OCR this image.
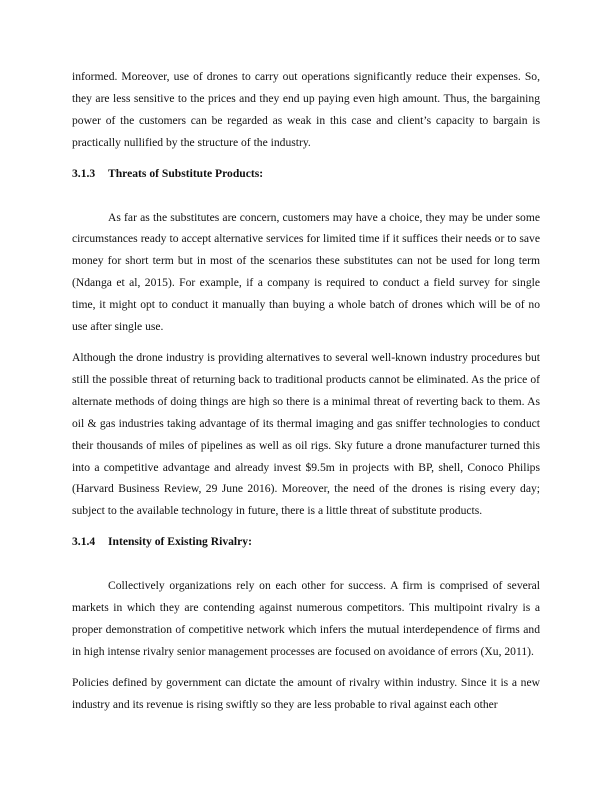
informed. Moreover, use of drones to carry out operations significantly reduce their expenses. So, they are less sensitive to the prices and they end up paying even high amount. Thus, the bargaining power of the customers can be regarded as weak in this case and client’s capacity to bargain is practically nullified by the structure of the industry.

3.1.3	Threats of Substitute Products:

As far as the substitutes are concern, customers may have a choice, they may be under some circumstances ready to accept alternative services for limited time if it suffices their needs or to save money for short term but in most of the scenarios these substitutes can not be used for long term (Ndanga et al, 2015). For example, if a company is required to conduct a field survey for single time, it might opt to conduct it manually than buying a whole batch of drones which will be of no use after single use.

Although the drone industry is providing alternatives to several well-known industry procedures but still the possible threat of returning back to traditional products cannot be eliminated. As the price of alternate methods of doing things are high so there is a minimal threat of reverting back to them. As oil & gas industries taking advantage of its thermal imaging and gas sniffer technologies to conduct their thousands of miles of pipelines as well as oil rigs. Sky future a drone manufacturer turned this into a competitive advantage and already invest $9.5m in projects with BP, shell, Conoco Philips (Harvard Business Review, 29 June 2016). Moreover, the need of the drones is rising every day; subject to the available technology in future, there is a little threat of substitute products.

3.1.4	Intensity of Existing Rivalry:

Collectively organizations rely on each other for success. A firm is comprised of several markets in which they are contending against numerous competitors. This multipoint rivalry is a proper demonstration of competitive network which infers the mutual interdependence of firms and in high intense rivalry senior management processes are focused on avoidance of errors (Xu, 2011).

Policies defined by government can dictate the amount of rivalry within industry. Since it is a new industry and its revenue is rising swiftly so they are less probable to rival against each other
